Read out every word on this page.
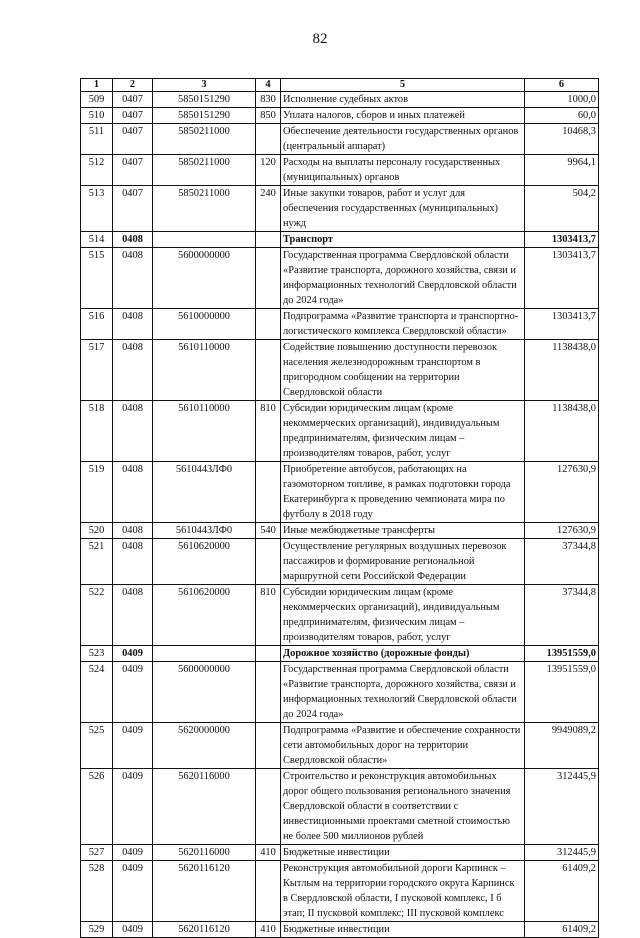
82
1	2	3	4	5	6
509	0407	5850151290	830	Исполнение судебных актов	1000,0
510	0407	5850151290	850	Уплата налогов, сборов и иных платежей	60,0
511	0407	5850211000		Обеспечение деятельности государственных органов (центральный аппарат)	10468,3
512	0407	5850211000	120	Расходы на выплаты персоналу государственных (муниципальных) органов	9964,1
513	0407	5850211000	240	Иные закупки товаров, работ и услуг для обеспечения государственных (муниципальных) нужд	504,2
514	0408			Транспорт	1303413,7
515	0408	5600000000		Государственная программа Свердловской области «Развитие транспорта, дорожного хозяйства, связи и информационных технологий Свердловской области до 2024 года»	1303413,7
516	0408	5610000000		Подпрограмма «Развитие транспорта и транспортно-логистического комплекса Свердловской области»	1303413,7
517	0408	5610110000		Содействие повышению доступности перевозок населения железнодорожным транспортом в пригородном сообщении на территории Свердловской области	1138438,0
518	0408	5610110000	810	Субсидии юридическим лицам (кроме некоммерческих организаций), индивидуальным предпринимателям, физическим лицам – производителям товаров, работ, услуг	1138438,0
519	0408	561044ЗЛФ0		Приобретение автобусов, работающих на газомоторном топливе, в рамках подготовки города Екатеринбурга к проведению чемпионата мира по футболу в 2018 году	127630,9
520	0408	561044ЗЛФ0	540	Иные межбюджетные трансферты	127630,9
521	0408	5610620000		Осуществление регулярных воздушных перевозок пассажиров и формирование региональной маршрутной сети Российской Федерации	37344,8
522	0408	5610620000	810	Субсидии юридическим лицам (кроме некоммерческих организаций), индивидуальным предпринимателям, физическим лицам – производителям товаров, работ, услуг	37344,8
523	0409			Дорожное хозяйство (дорожные фонды)	13951559,0
524	0409	5600000000		Государственная программа Свердловской области «Развитие транспорта, дорожного хозяйства, связи и информационных технологий Свердловской области до 2024 года»	13951559,0
525	0409	5620000000		Подпрограмма «Развитие и обеспечение сохранности сети автомобильных дорог на территории Свердловской области»	9949089,2
526	0409	5620116000		Строительство и реконструкция автомобильных дорог общего пользования регионального значения Свердловской области в соответствии с инвестиционными проектами сметной стоимостью не более 500 миллионов рублей	312445,9
527	0409	5620116000	410	Бюджетные инвестиции	312445,9
528	0409	5620116120		Реконструкция автомобильной дороги Карпинск – Кытлым на территории городского округа Карпинск в Свердловской области, I пусковой комплекс, I б этап; II пусковой комплекс; III пусковой комплекс	61409,2
529	0409	5620116120	410	Бюджетные инвестиции	61409,2
